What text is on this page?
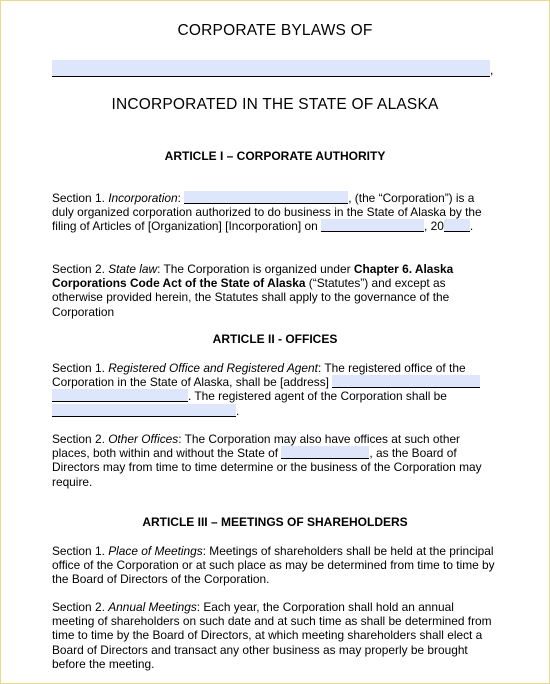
CORPORATE BYLAWS OF
,
INCORPORATED IN THE STATE OF ALASKA
ARTICLE I – CORPORATE AUTHORITY
Section 1. Incorporation:	, (the “Corporation”) is a duly organized corporation authorized to do business in the State of Alaska by the filing of Articles of [Organization] [Incorporation] on	, 20 .
Section 2. State law: The Corporation is organized under Chapter 6. Alaska Corporations Code Act of the State of Alaska (“Statutes”) and except as otherwise provided herein, the Statutes shall apply to the governance of the Corporation
ARTICLE II - OFFICES
Section 1. Registered Office and Registered Agent: The registered office of the Corporation in the State of Alaska, shall be [address] . The registered agent of the Corporation shall be .
Section 2. Other Offices: The Corporation may also have offices at such other places, both within and without the State of	, as the Board of Directors may from time to time determine or the business of the Corporation may require.
ARTICLE III – MEETINGS OF SHAREHOLDERS
Section 1. Place of Meetings: Meetings of shareholders shall be held at the principal office of the Corporation or at such place as may be determined from time to time by the Board of Directors of the Corporation.
Section 2. Annual Meetings: Each year, the Corporation shall hold an annual meeting of shareholders on such date and at such time as shall be determined from time to time by the Board of Directors, at which meeting shareholders shall elect a Board of Directors and transact any other business as may properly be brought before the meeting.
